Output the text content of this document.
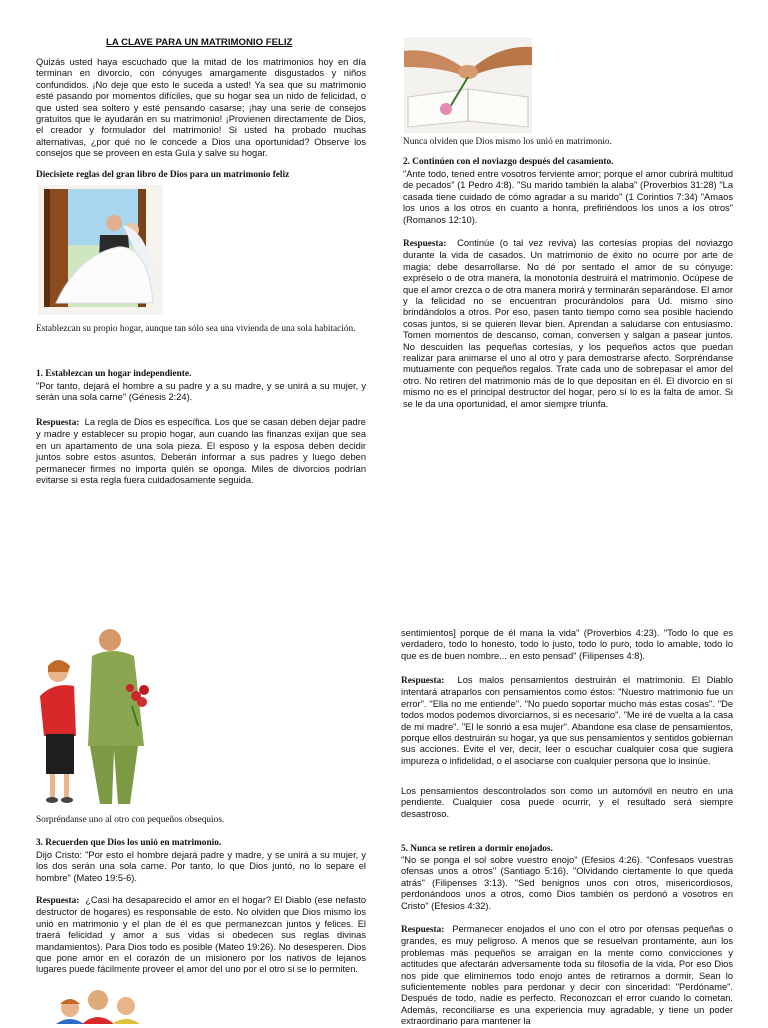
LA CLAVE PARA UN MATRIMONIO FELIZ

Quizás usted haya escuchado que la mitad de los matrimonios hoy en día terminan en divorcio, con cónyuges amargamente disgustados y niños confundidos. ¡No deje que esto le suceda a usted! Ya sea que su matrimonio esté pasando por momentos difíciles, que su hogar sea un nido de felicidad, o que usted sea soltero y esté pensando casarse; ¡hay una serie de consejos gratuitos que le ayudarán en su matrimonio! ¡Provienen directamente de Dios, el creador y formulador del matrimonio! Si usted ha probado muchas alternativas, ¿por qué no le concede a Dios una oportunidad? Observe los consejos que se proveen en esta Guía y salve su hogar.

Diecisiete reglas del gran libro de Dios para un matrimonio feliz

Establezcan su propio hogar, aunque tan sólo sea una vivienda de una sola habitación.

1. Establezcan un hogar independiente.

"Por tanto, dejará el hombre a su padre y a su madre, y se unirá a su mujer, y serán una sola carne" (Génesis 2:24).

Respuesta: La regla de Dios es específica. Los que se casan deben dejar padre y madre y establecer su propio hogar, aun cuando las finanzas exijan que sea en un apartamento de una sola pieza. El esposo y la esposa deben decidir juntos sobre estos asuntos. Deberán informar a sus padres y luego deben permanecer firmes no importa quién se oponga. Miles de divorcios podrían evitarse si esta regla fuera cuidadosamente seguida.

Nunca olviden que Dios mismo los unió en matrimonio.

2. Continúen con el noviazgo después del casamiento.

"Ante todo, tened entre vosotros ferviente amor; porque el amor cubrirá multitud de pecados" (1 Pedro 4:8). "Su marido también la alaba" (Proverbios 31:28) "La casada tiene cuidado de cómo agradar a su marido" (1 Corintios 7:34) "Amaos los unos a los otros en cuanto a honra, prefiriéndoos los unos a los otros" (Romanos 12:10).

Respuesta: Continúe (o tal vez reviva) las cortesías propias del noviazgo durante la vida de casados. Un matrimonio de éxito no ocurre por arte de magia: debe desarrollarse. No dé por sentado el amor de su cónyuge: expréselo o de otra manera, la monotonía destruirá el matrimonio. Ocúpese de que el amor crezca o de otra manera morirá y terminarán separándose. El amor y la felicidad no se encuentran procurándolos para Ud. mismo sino brindándolos a otros. Por eso, pasen tanto tiempo como sea posible haciendo cosas juntos, si se quieren llevar bien. Aprendan a saludarse con entusiasmo. Tomen momentos de descanso, coman, conversen y salgan a pasear juntos. No descuiden las pequeñas cortesías, y los pequeños actos que puedan realizar para animarse el uno al otro y para demostrarse afecto. Sorpréndanse mutuamente con pequeños regalos. Trate cada uno de sobrepasar el amor del otro. No retiren del matrimonio más de lo que depositan en él. El divorcio en sí mismo no es el principal destructor del hogar, pero sí lo es la falta de amor. Si se le da una oportunidad, el amor siempre triunfa.

Sorpréndanse uno al otro con pequeños obsequios.

3. Recuerden que Dios los unió en matrimonio.

Dijo Cristo: "Por esto el hombre dejará padre y madre, y se unirá a su mujer, y los dos serán una sola carne. Por tanto, lo que Dios juntó, no lo separe el hombre" (Mateo 19:5-6).

Respuesta: ¿Casi ha desaparecido el amor en el hogar? El Diablo (ese nefasto destructor de hogares) es responsable de esto. No olviden que Dios mismo los unió en matrimonio y el plan de él es que permanezcan juntos y felices. El traerá felicidad y amor a sus vidas si obedecen sus reglas divinas mandamientos). Para Dios todo es posible (Mateo 19:26). No desesperen. Dios que pone amor en el corazón de un misionero por los nativos de lejanos lugares puede fácilmente proveer el amor del uno por el otro si se lo permiten.

sentimientos] porque de él mana la vida" (Proverbios 4:23). "Todo lo que es verdadero, todo lo honesto, todo lo justo, todo lo puro, todo lo amable, todo lo que es de buen nombre... en esto pensad" (Filipenses 4:8).

Respuesta: Los malos pensamientos destruirán el matrimonio. El Diablo intentará atraparlos con pensamientos como éstos: "Nuestro matrimonio fue un error". "Ella no me entiende". "No puedo soportar mucho más estas cosas". "De todos modos podemos divorciarnos, si es necesario". "Me iré de vuelta a la casa de mi madre". "El le sonrió a esa mujer". Abandone esa clase de pensamientos, porque ellos destruirán su hogar, ya que sus pensamientos y sentidos gobiernan sus acciones. Evite el ver, decir, leer o escuchar cualquier cosa que sugiera impureza o infidelidad, o el asociarse con cualquier persona que lo insinúe.

Los pensamientos descontrolados son como un automóvil en neutro en una pendiente. Cualquier cosa puede ocurrir, y el resultado será siempre desastroso.

5. Nunca se retiren a dormir enojados.

"No se ponga el sol sobre vuestro enojo" (Efesios 4:26). "Confesaos vuestras ofensas unos a otros" (Santiago 5:16). "Olvidando ciertamente lo que queda atrás" (Filipenses 3:13). "Sed benignos unos con otros, misericordiosos, perdonándoos unos a otros, como Dios también os perdonó a vosotros en Cristo" (Efesios 4:32).

Respuesta: Permanecer enojados el uno con el otro por ofensas pequeñas o grandes, es muy peligroso. A menos que se resuelvan prontamente, aun los problemas más pequeños se arraigan en la mente como convicciones y actitudes que afectarán adversamente toda su filosofía de la vida. Por eso Dios nos pide que eliminemos todo enojo antes de retirarnos a dormir. Sean lo suficientemente nobles para perdonar y decir con sinceridad: "Perdóname". Después de todo, nadie es perfecto. Reconozcan el error cuando lo cometan. Además, reconciliarse es una experiencia muy agradable, y tiene un poder extraordinario para mantener la
